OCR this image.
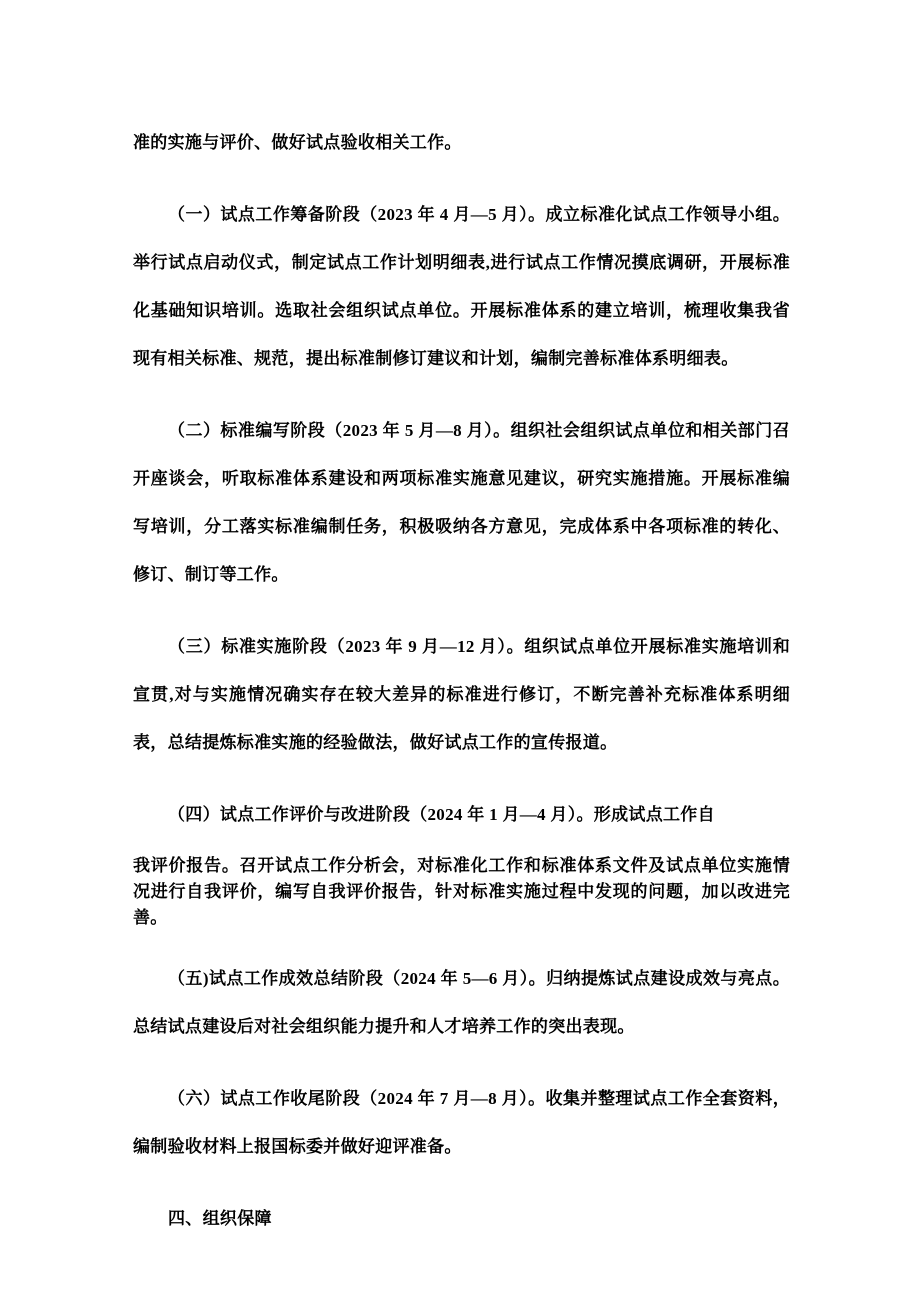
准的实施与评价、做好试点验收相关工作。
（一）试点工作筹备阶段（2023 年 4 月—5 月）。成立标准化试点工作领导小组。举行试点启动仪式，制定试点工作计划明细表,进行试点工作情况摸底调研，开展标准化基础知识培训。选取社会组织试点单位。开展标准体系的建立培训，梳理收集我省现有相关标准、规范，提出标准制修订建议和计划，编制完善标准体系明细表。
（二）标准编写阶段（2023 年 5 月—8 月）。组织社会组织试点单位和相关部门召开座谈会，听取标准体系建设和两项标准实施意见建议，研究实施措施。开展标准编写培训，分工落实标准编制任务，积极吸纳各方意见，完成体系中各项标准的转化、修订、制订等工作。
（三）标准实施阶段（2023 年 9 月—12 月）。组织试点单位开展标准实施培训和宣贯,对与实施情况确实存在较大差异的标准进行修订，不断完善补充标准体系明细表，总结提炼标准实施的经验做法，做好试点工作的宣传报道。
（四）试点工作评价与改进阶段（2024 年 1 月—4 月）。形成试点工作自
我评价报告。召开试点工作分析会，对标准化工作和标准体系文件及试点单位实施情况进行自我评价，编写自我评价报告，针对标准实施过程中发现的问题，加以改进完善。
（五)试点工作成效总结阶段（2024 年 5—6 月）。归纳提炼试点建设成效与亮点。总结试点建设后对社会组织能力提升和人才培养工作的突出表现。
（六）试点工作收尾阶段（2024 年 7 月—8 月）。收集并整理试点工作全套资料，编制验收材料上报国标委并做好迎评准备。
四、组织保障
